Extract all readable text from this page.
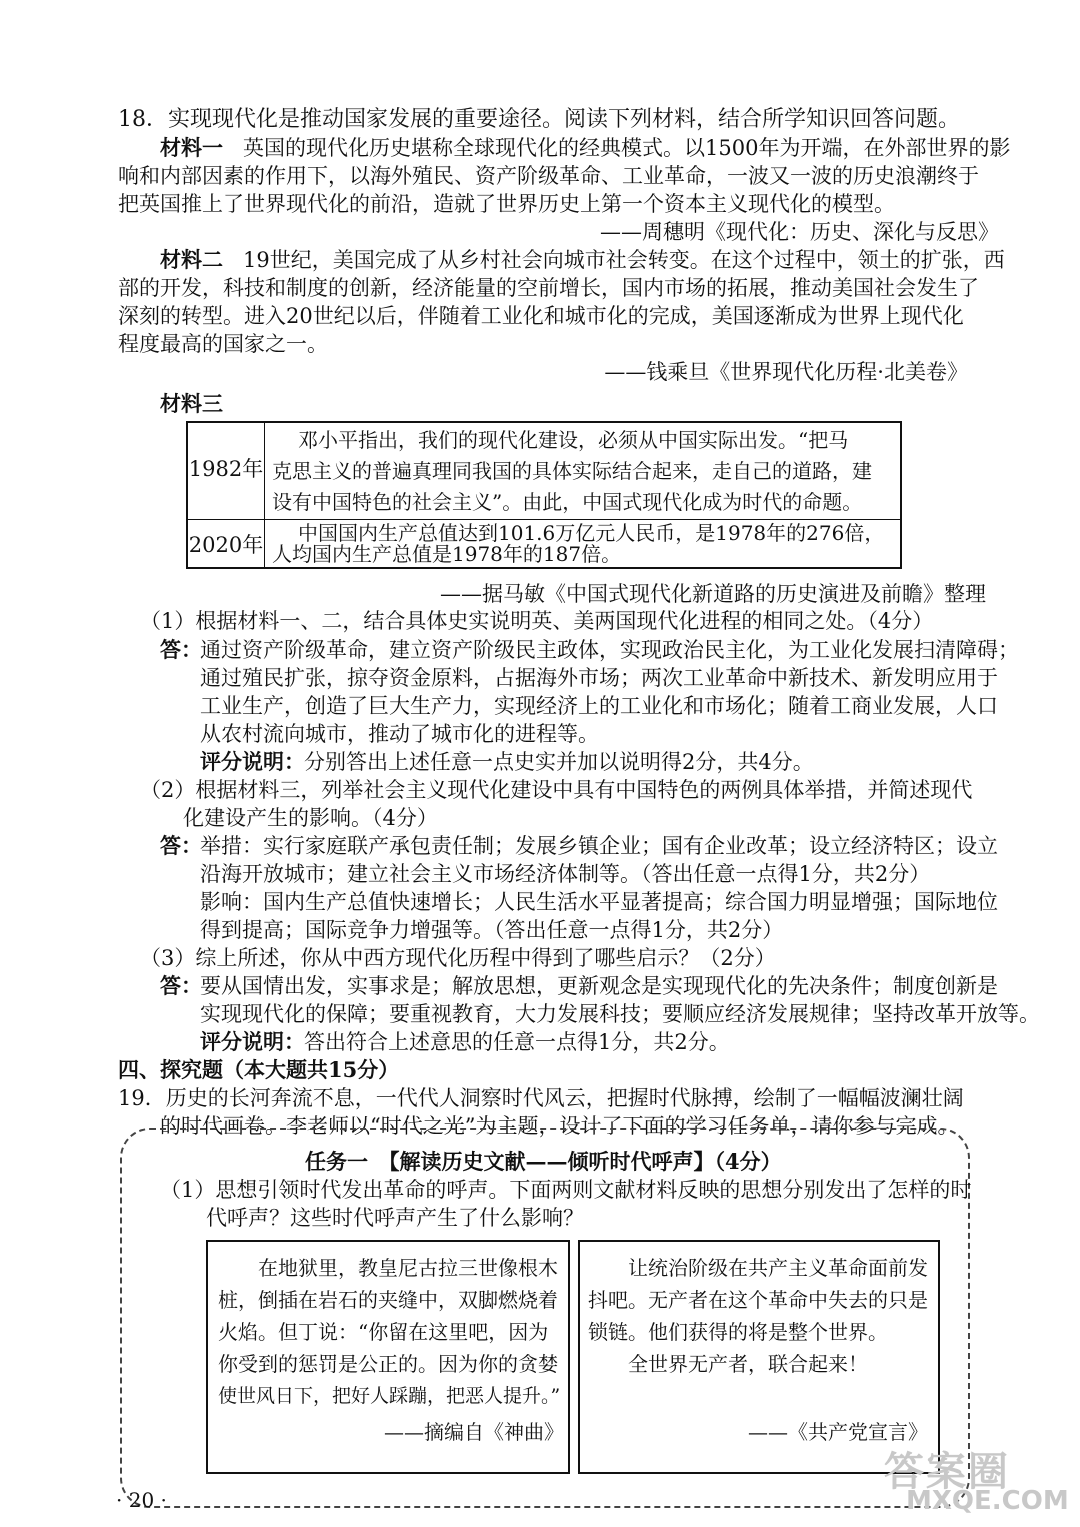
18．实现现代化是推动国家发展的重要途径。阅读下列材料，结合所学知识回答问题。
材料一 英国的现代化历史堪称全球现代化的经典模式。以1500年为开端，在外部世界的影
响和内部因素的作用下，以海外殖民、资产阶级革命、工业革命，一波又一波的历史浪潮终于
把英国推上了世界现代化的前沿，造就了世界历史上第一个资本主义现代化的模型。
——周穗明《现代化：历史、深化与反思》
材料二 19世纪，美国完成了从乡村社会向城市社会转变。在这个过程中，领土的扩张，西
部的开发，科技和制度的创新，经济能量的空前增长，国内市场的拓展，推动美国社会发生了
深刻的转型。进入20世纪以后，伴随着工业化和城市化的完成，美国逐渐成为世界上现代化
程度最高的国家之一。
——钱乘旦《世界现代化历程·北美卷》
材料三
1982年
邓小平指出，我们的现代化建设，必须从中国实际出发。“把马
克思主义的普遍真理同我国的具体实际结合起来，走自己的道路，建
设有中国特色的社会主义”。由此，中国式现代化成为时代的命题。
2020年 中国国内生产总值达到101.6万亿元人民币，是1978年的276倍，
人均国内生产总值是1978年的187倍。
——据马敏《中国式现代化新道路的历史演进及前瞻》整理
（1）根据材料一、二，结合具体史实说明英、美两国现代化进程的相同之处。（4分）
答：
通过资产阶级革命，建立资产阶级民主政体，实现政治民主化，为工业化发展扫清障碍；
通过殖民扩张，掠夺资金原料，占据海外市场；两次工业革命中新技术、新发明应用于
工业生产，创造了巨大生产力，实现经济上的工业化和市场化；随着工商业发展，人口
从农村流向城市，推动了城市化的进程等。
评分说明： 分别答出上述任意一点史实并加以说明得2分，共4分。
（2）根据材料三，列举社会主义现代化建设中具有中国特色的两例具体举措，并简述现代
化建设产生的影响。（4分）
答：
举措：实行家庭联产承包责任制；发展乡镇企业；国有企业改革；设立经济特区；设立
沿海开放城市；建立社会主义市场经济体制等。（答出任意一点得1分，共2分）
影响：国内生产总值快速增长；人民生活水平显著提高；综合国力明显增强；国际地位
得到提高；国际竞争力增强等。（答出任意一点得1分，共2分）
（3）综上所述，你从中西方现代化历程中得到了哪些启示？（2分）
答：
要从国情出发，实事求是；解放思想，更新观念是实现现代化的先决条件；制度创新是
实现现代化的保障；要重视教育，大力发展科技；要顺应经济发展规律；坚持改革开放等。
评分说明： 答出符合上述意思的任意一点得1分，共2分。
四、探究题（本大题共15分）
19．历史的长河奔流不息，一代代人洞察时代风云，把握时代脉搏，绘制了一幅幅波澜壮阔
的时代画卷。李老师以“时代之光”为主题，设计了下面的学习任务单，请你参与完成。
任务一　【解读历史文献——倾听时代呼声】（4分）
（1）思想引领时代发出革命的呼声。下面两则文献材料反映的思想分别发出了怎样的时
代呼声？这些时代呼声产生了什么影响？
在地狱里，教皇尼古拉三世像根木
桩，倒插在岩石的夹缝中，双脚燃烧着
火焰。但丁说：“你留在这里吧，因为
你受到的惩罚是公正的。因为你的贪婪
使世风日下，把好人踩蹦，把恶人提升。”
——摘编自《神曲》
让统治阶级在共产主义革命面前发
抖吧。无产者在这个革命中失去的只是
锁链。他们获得的将是整个世界。
全世界无产者，联合起来！
——《共产党宣言》
· 20 ·
答案圈
MXQE.COM
